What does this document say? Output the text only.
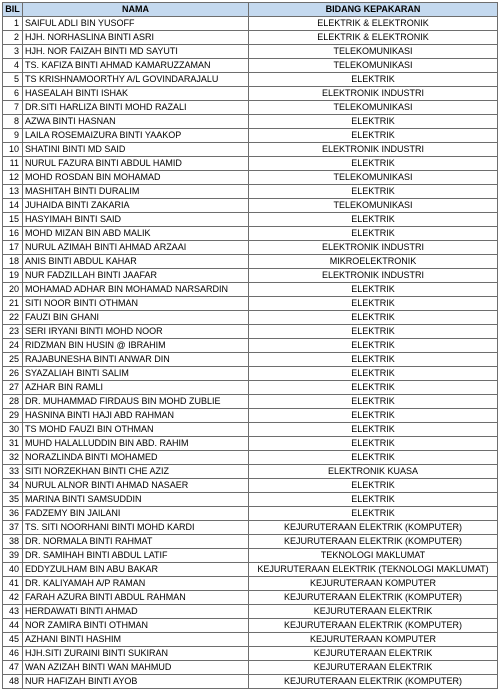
BIL	NAMA	BIDANG KEPAKARAN
1	SAIFUL ADLI BIN YUSOFF	ELEKTRIK & ELEKTRONIK
2	HJH. NORHASLINA BINTI ASRI	ELEKTRIK & ELEKTRONIK
3	HJH. NOR FAIZAH BINTI MD SAYUTI	TELEKOMUNIKASI
4	TS. KAFIZA BINTI AHMAD KAMARUZZAMAN	TELEKOMUNIKASI
5	TS KRISHNAMOORTHY A/L GOVINDARAJALU	ELEKTRIK
6	HASEALAH BINTI ISHAK	ELEKTRONIK INDUSTRI
7	DR.SITI HARLIZA BINTI MOHD RAZALI	TELEKOMUNIKASI
8	AZWA BINTI HASNAN	ELEKTRIK
9	LAILA ROSEMAIZURA BINTI YAAKOP	ELEKTRIK
10	SHATINI BINTI MD SAID	ELEKTRONIK INDUSTRI
11	NURUL FAZURA BINTI ABDUL HAMID	ELEKTRIK
12	MOHD ROSDAN BIN MOHAMAD	TELEKOMUNIKASI
13	MASHITAH BINTI DURALIM	ELEKTRIK
14	JUHAIDA BINTI ZAKARIA	TELEKOMUNIKASI
15	HASYIMAH BINTI SAID	ELEKTRIK
16	MOHD MIZAN BIN ABD MALIK	ELEKTRIK
17	NURUL AZIMAH BINTI AHMAD ARZAAI	ELEKTRONIK INDUSTRI
18	ANIS BINTI ABDUL KAHAR	MIKROELEKTRONIK
19	NUR FADZILLAH BINTI JAAFAR	ELEKTRONIK INDUSTRI
20	MOHAMAD ADHAR BIN MOHAMAD NARSARDIN	ELEKTRIK
21	SITI NOOR BINTI OTHMAN	ELEKTRIK
22	FAUZI BIN GHANI	ELEKTRIK
23	SERI IRYANI BINTI MOHD NOOR	ELEKTRIK
24	RIDZMAN BIN HUSIN @ IBRAHIM	ELEKTRIK
25	RAJABUNESHA BINTI ANWAR DIN	ELEKTRIK
26	SYAZALIAH BINTI SALIM	ELEKTRIK
27	AZHAR BIN RAMLI	ELEKTRIK
28	DR. MUHAMMAD FIRDAUS BIN MOHD ZUBLIE	ELEKTRIK
29	HASNINA BINTI HAJI ABD RAHMAN	ELEKTRIK
30	TS MOHD FAUZI BIN OTHMAN	ELEKTRIK
31	MUHD HALALLUDDIN BIN ABD. RAHIM	ELEKTRIK
32	NORAZLINDA BINTI MOHAMED	ELEKTRIK
33	SITI NORZEKHAN BINTI CHE AZIZ	ELEKTRONIK KUASA
34	NURUL ALNOR BINTI AHMAD NASAER	ELEKTRIK
35	MARINA BINTI SAMSUDDIN	ELEKTRIK
36	FADZEMY BIN JAILANI	ELEKTRIK
37	TS. SITI NOORHANI BINTI MOHD KARDI	KEJURUTERAAN ELEKTRIK (KOMPUTER)
38	DR. NORMALA BINTI RAHMAT	KEJURUTERAAN ELEKTRIK (KOMPUTER)
39	DR. SAMIHAH BINTI ABDUL LATIF	TEKNOLOGI MAKLUMAT
40	EDDYZULHAM BIN ABU BAKAR	KEJURUTERAAN ELEKTRIK (TEKNOLOGI MAKLUMAT)
41	DR. KALIYAMAH A/P RAMAN	KEJURUTERAAN KOMPUTER
42	FARAH AZURA BINTI ABDUL RAHMAN	KEJURUTERAAN ELEKTRIK (KOMPUTER)
43	HERDAWATI BINTI AHMAD	KEJURUTERAAN ELEKTRIK
44	NOR ZAMIRA BINTI OTHMAN	KEJURUTERAAN ELEKTRIK (KOMPUTER)
45	AZHANI BINTI HASHIM	KEJURUTERAAN KOMPUTER
46	HJH.SITI ZURAINI BINTI SUKIRAN	KEJURUTERAAN ELEKTRIK
47	WAN AZIZAH BINTI WAN MAHMUD	KEJURUTERAAN ELEKTRIK
48	NUR HAFIZAH BINTI AYOB	KEJURUTERAAN ELEKTRIK (KOMPUTER)
